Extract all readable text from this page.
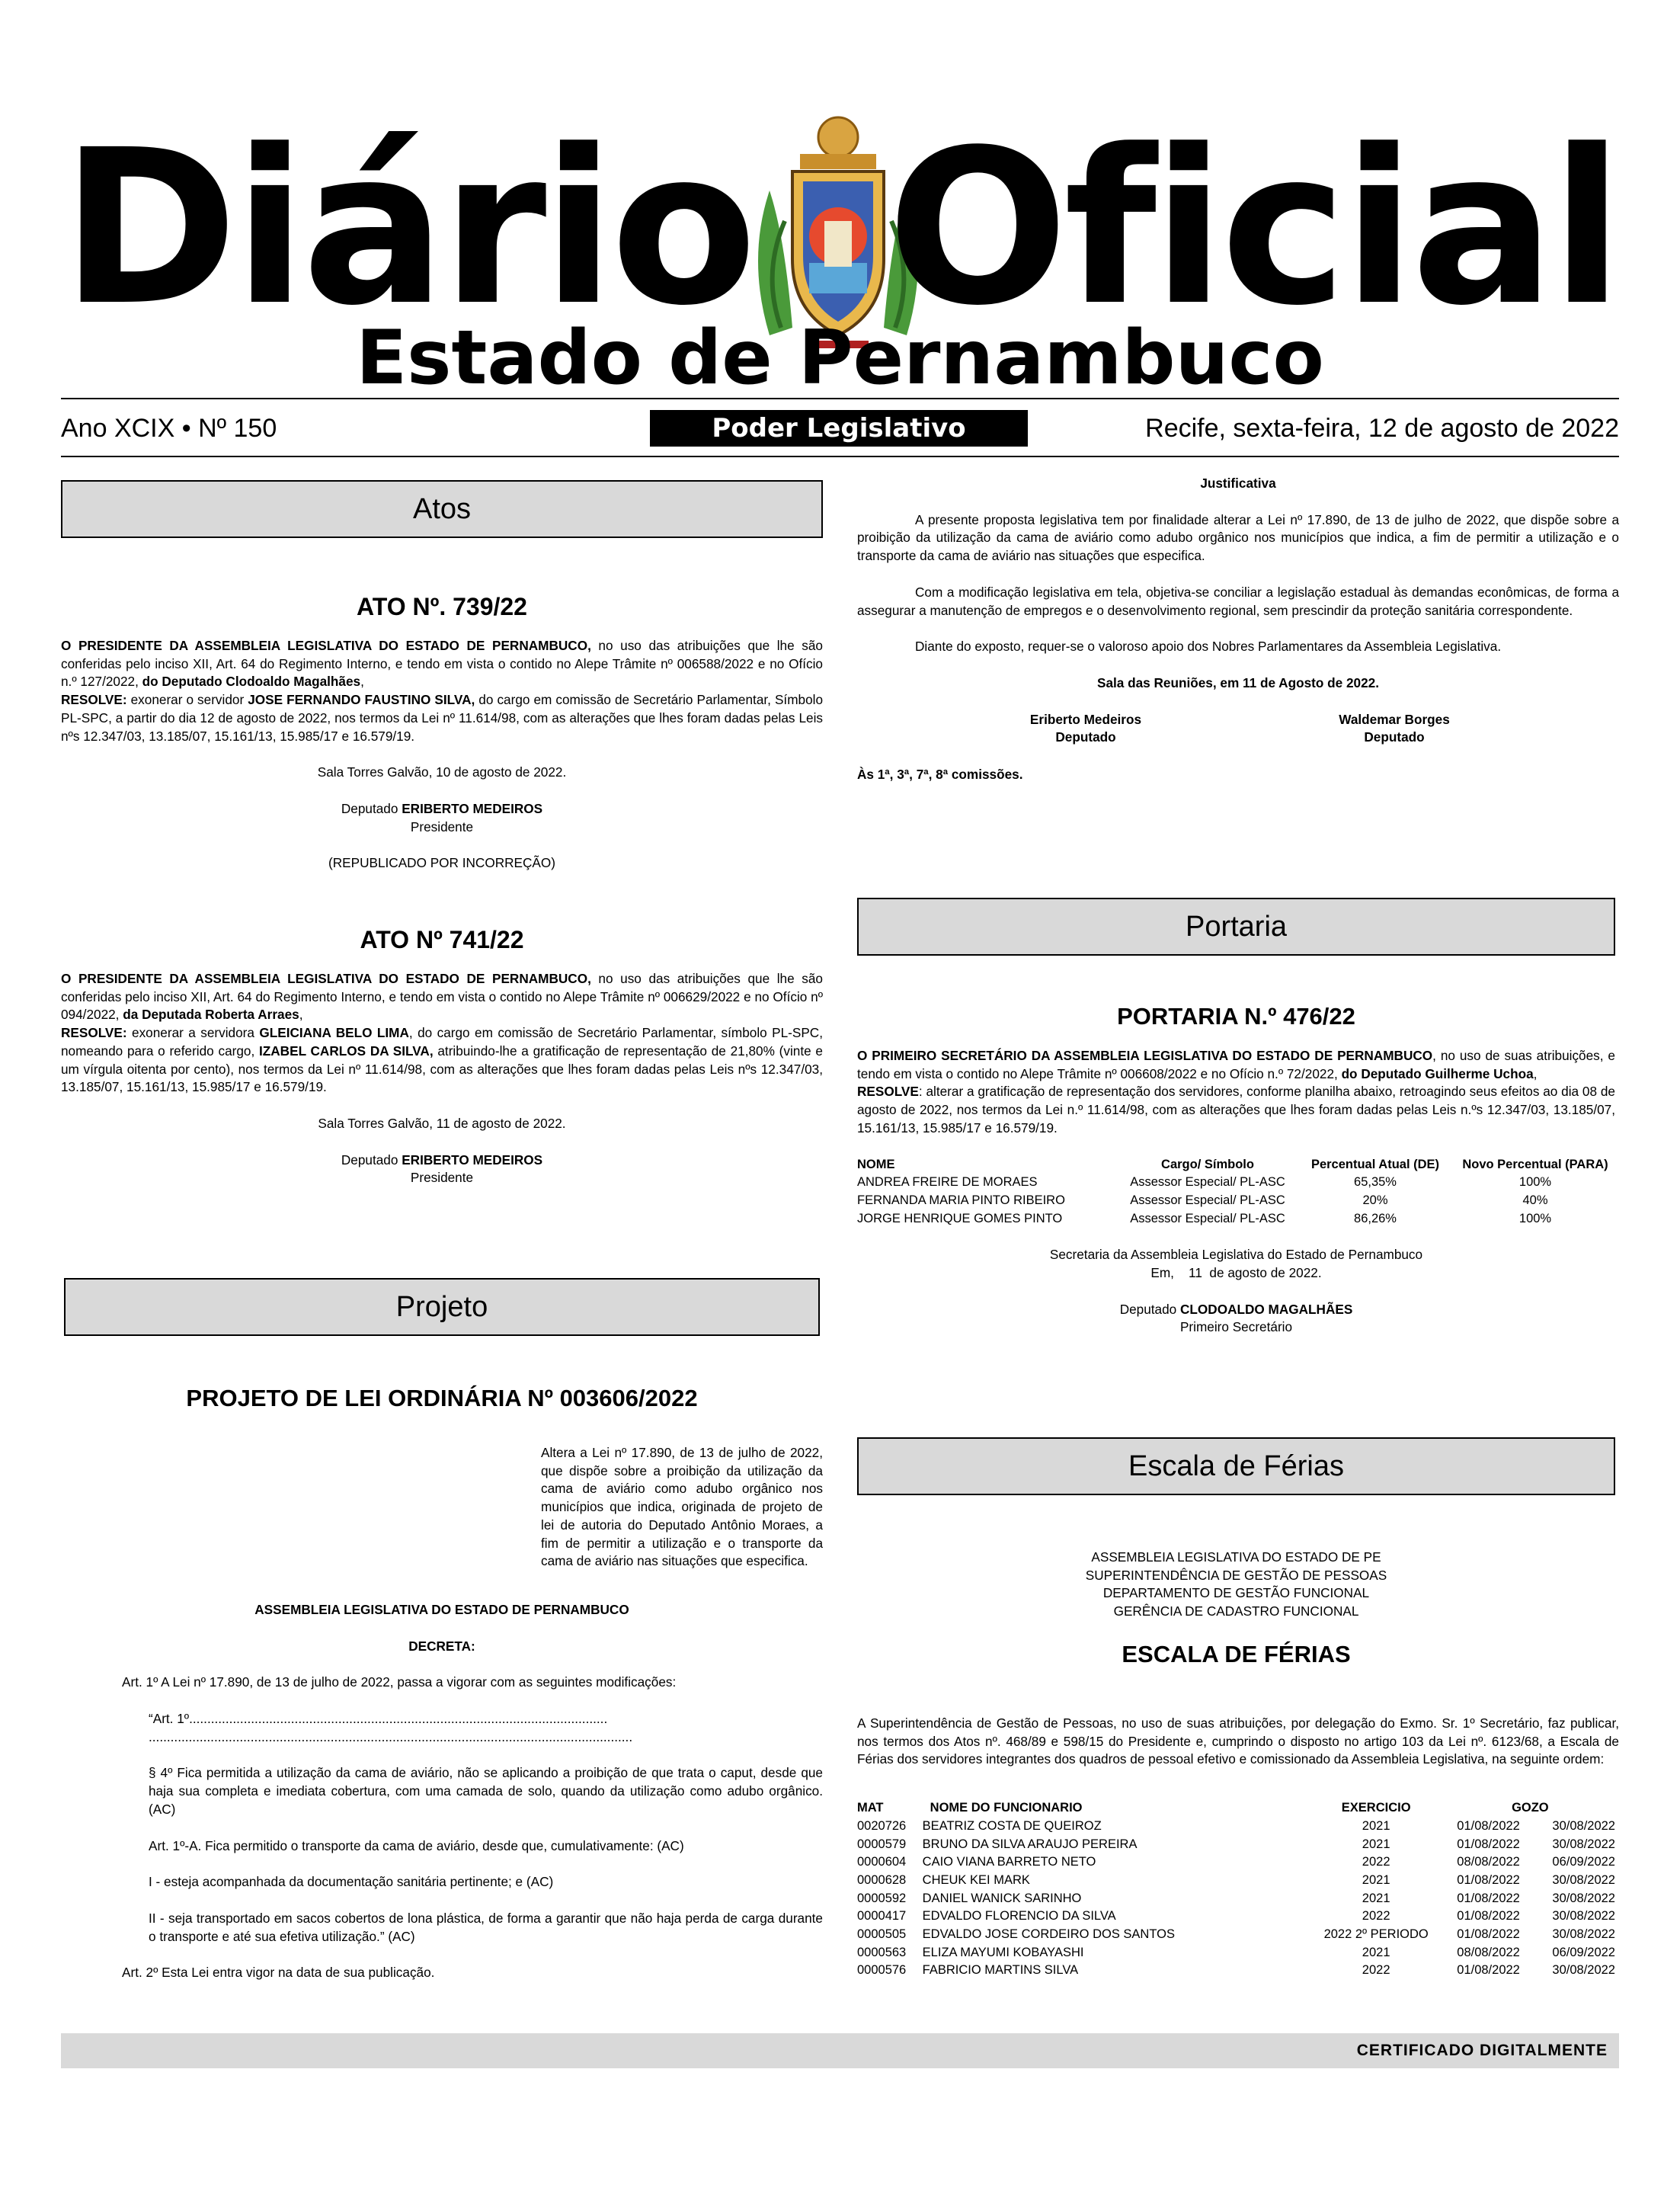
Diário Oficial
Estado de Pernambuco
Ano XCIX • Nº 150	Poder Legislativo	Recife, sexta-feira, 12 de agosto de 2022
Atos
ATO Nº. 739/22

O PRESIDENTE DA ASSEMBLEIA LEGISLATIVA DO ESTADO DE PERNAMBUCO, no uso das atribuições que lhe são conferidas pelo inciso XII, Art. 64 do Regimento Interno, e tendo em vista o contido no Alepe Trâmite nº 006588/2022 e no Ofício n.º 127/2022, do Deputado Clodoaldo Magalhães,

RESOLVE: exonerar o servidor JOSE FERNANDO FAUSTINO SILVA, do cargo em comissão de Secretário Parlamentar, Símbolo PL-SPC, a partir do dia 12 de agosto de 2022, nos termos da Lei nº 11.614/98, com as alterações que lhes foram dadas pelas Leis nºs 12.347/03, 13.185/07, 15.161/13, 15.985/17 e 16.579/19.

Sala Torres Galvão, 10 de agosto de 2022.
Deputado ERIBERTO MEDEIROS
Presidente
(REPUBLICADO POR INCORREÇÃO)
ATO Nº 741/22

O PRESIDENTE DA ASSEMBLEIA LEGISLATIVA DO ESTADO DE PERNAMBUCO, no uso das atribuições que lhe são conferidas pelo inciso XII, Art. 64 do Regimento Interno, e tendo em vista o contido no Alepe Trâmite nº 006629/2022 e no Ofício nº 094/2022, da Deputada Roberta Arraes,

RESOLVE: exonerar a servidora GLEICIANA BELO LIMA, do cargo em comissão de Secretário Parlamentar, símbolo PL-SPC, nomeando para o referido cargo, IZABEL CARLOS DA SILVA, atribuindo-lhe a gratificação de representação de 21,80% (vinte e um vírgula oitenta por cento), nos termos da Lei nº 11.614/98, com as alterações que lhes foram dadas pelas Leis nºs 12.347/03, 13.185/07, 15.161/13, 15.985/17 e 16.579/19.

Sala Torres Galvão, 11 de agosto de 2022.
Deputado ERIBERTO MEDEIROS
Presidente
Projeto
PROJETO DE LEI ORDINÁRIA Nº 003606/2022

Altera a Lei nº 17.890, de 13 de julho de 2022, que dispõe sobre a proibição da utilização da cama de aviário como adubo orgânico nos municípios que indica, originada de projeto de lei de autoria do Deputado Antônio Moraes, a fim de permitir a utilização e o transporte da cama de aviário nas situações que especifica.

ASSEMBLEIA LEGISLATIVA DO ESTADO DE PERNAMBUCO
DECRETA:

Art. 1º A Lei nº 17.890, de 13 de julho de 2022, passa a vigorar com as seguintes modificações:

“Art. 1º...................................................................................................................

.....................................................................................................................................

§ 4º Fica permitida a utilização da cama de aviário, não se aplicando a proibição de que trata o caput, desde que haja sua completa e imediata cobertura, com uma camada de solo, quando da utilização como adubo orgânico. (AC)

Art. 1º-A. Fica permitido o transporte da cama de aviário, desde que, cumulativamente: (AC)

I - esteja acompanhada da documentação sanitária pertinente; e (AC)

II - seja transportado em sacos cobertos de lona plástica, de forma a garantir que não haja perda de carga durante o transporte e até sua efetiva utilização.” (AC)

Art. 2º Esta Lei entra vigor na data de sua publicação.

Justificativa

A presente proposta legislativa tem por finalidade alterar a Lei nº 17.890, de 13 de julho de 2022, que dispõe sobre a proibição da utilização da cama de aviário como adubo orgânico nos municípios que indica, a fim de permitir a utilização e o transporte da cama de aviário nas situações que especifica.

Com a modificação legislativa em tela, objetiva-se conciliar a legislação estadual às demandas econômicas, de forma a assegurar a manutenção de empregos e o desenvolvimento regional, sem prescindir da proteção sanitária correspondente.

Diante do exposto, requer-se o valoroso apoio dos Nobres Parlamentares da Assembleia Legislativa.

Sala das Reuniões, em 11 de Agosto de 2022.
Eriberto Medeiros
Deputado
Waldemar Borges
Deputado
Às 1ª, 3ª, 7ª, 8ª comissões.
Portaria
PORTARIA N.º 476/22

O PRIMEIRO SECRETÁRIO DA ASSEMBLEIA LEGISLATIVA DO ESTADO DE PERNAMBUCO, no uso de suas atribuições, e tendo em vista o contido no Alepe Trâmite nº 006608/2022 e no Ofício n.º 72/2022, do Deputado Guilherme Uchoa,

RESOLVE: alterar a gratificação de representação dos servidores, conforme planilha abaixo, retroagindo seus efeitos ao dia 08 de agosto de 2022, nos termos da Lei n.º 11.614/98, com as alterações que lhes foram dadas pelas Leis n.ºs 12.347/03, 13.185/07, 15.161/13, 15.985/17 e 16.579/19.

NOME	Cargo/ Símbolo	Percentual Atual (DE)	Novo Percentual (PARA)
ANDREA FREIRE DE MORAES	Assessor Especial/ PL-ASC	65,35%	100%
FERNANDA MARIA PINTO RIBEIRO	Assessor Especial/ PL-ASC	20%	40%
JORGE HENRIQUE GOMES PINTO	Assessor Especial/ PL-ASC	86,26%	100%
Secretaria da Assembleia Legislativa do Estado de Pernambuco
Em,    11  de agosto de 2022.
Deputado CLODOALDO MAGALHÃES
Primeiro Secretário
Escala de Férias
ASSEMBLEIA LEGISLATIVA DO ESTADO DE PE
SUPERINTENDÊNCIA DE GESTÃO DE PESSOAS
DEPARTAMENTO DE GESTÃO FUNCIONAL
GERÊNCIA DE CADASTRO FUNCIONAL
ESCALA DE FÉRIAS

A Superintendência de Gestão de Pessoas, no uso de suas atribuições, por delegação do Exmo. Sr. 1º Secretário, faz publicar, nos termos dos Atos nº. 468/89 e 598/15 do Presidente e, cumprindo o disposto no artigo 103 da Lei nº. 6123/68, a Escala de Férias dos servidores integrantes dos quadros de pessoal efetivo e comissionado da Assembleia Legislativa, na seguinte ordem:

MAT	NOME DO FUNCIONARIO	EXERCICIO	GOZO	
0020726	BEATRIZ COSTA DE QUEIROZ	2021	01/08/2022	30/08/2022
0000579	BRUNO DA SILVA ARAUJO PEREIRA	2021	01/08/2022	30/08/2022
0000604	CAIO VIANA BARRETO NETO	2022	08/08/2022	06/09/2022
0000628	CHEUK KEI MARK	2021	01/08/2022	30/08/2022
0000592	DANIEL WANICK SARINHO	2021	01/08/2022	30/08/2022
0000417	EDVALDO FLORENCIO DA SILVA	2022	01/08/2022	30/08/2022
0000505	EDVALDO JOSE CORDEIRO DOS SANTOS	2022 2º PERIODO	01/08/2022	30/08/2022
0000563	ELIZA MAYUMI KOBAYASHI	2021	08/08/2022	06/09/2022
0000576	FABRICIO MARTINS SILVA	2022	01/08/2022	30/08/2022
CERTIFICADO DIGITALMENTE
